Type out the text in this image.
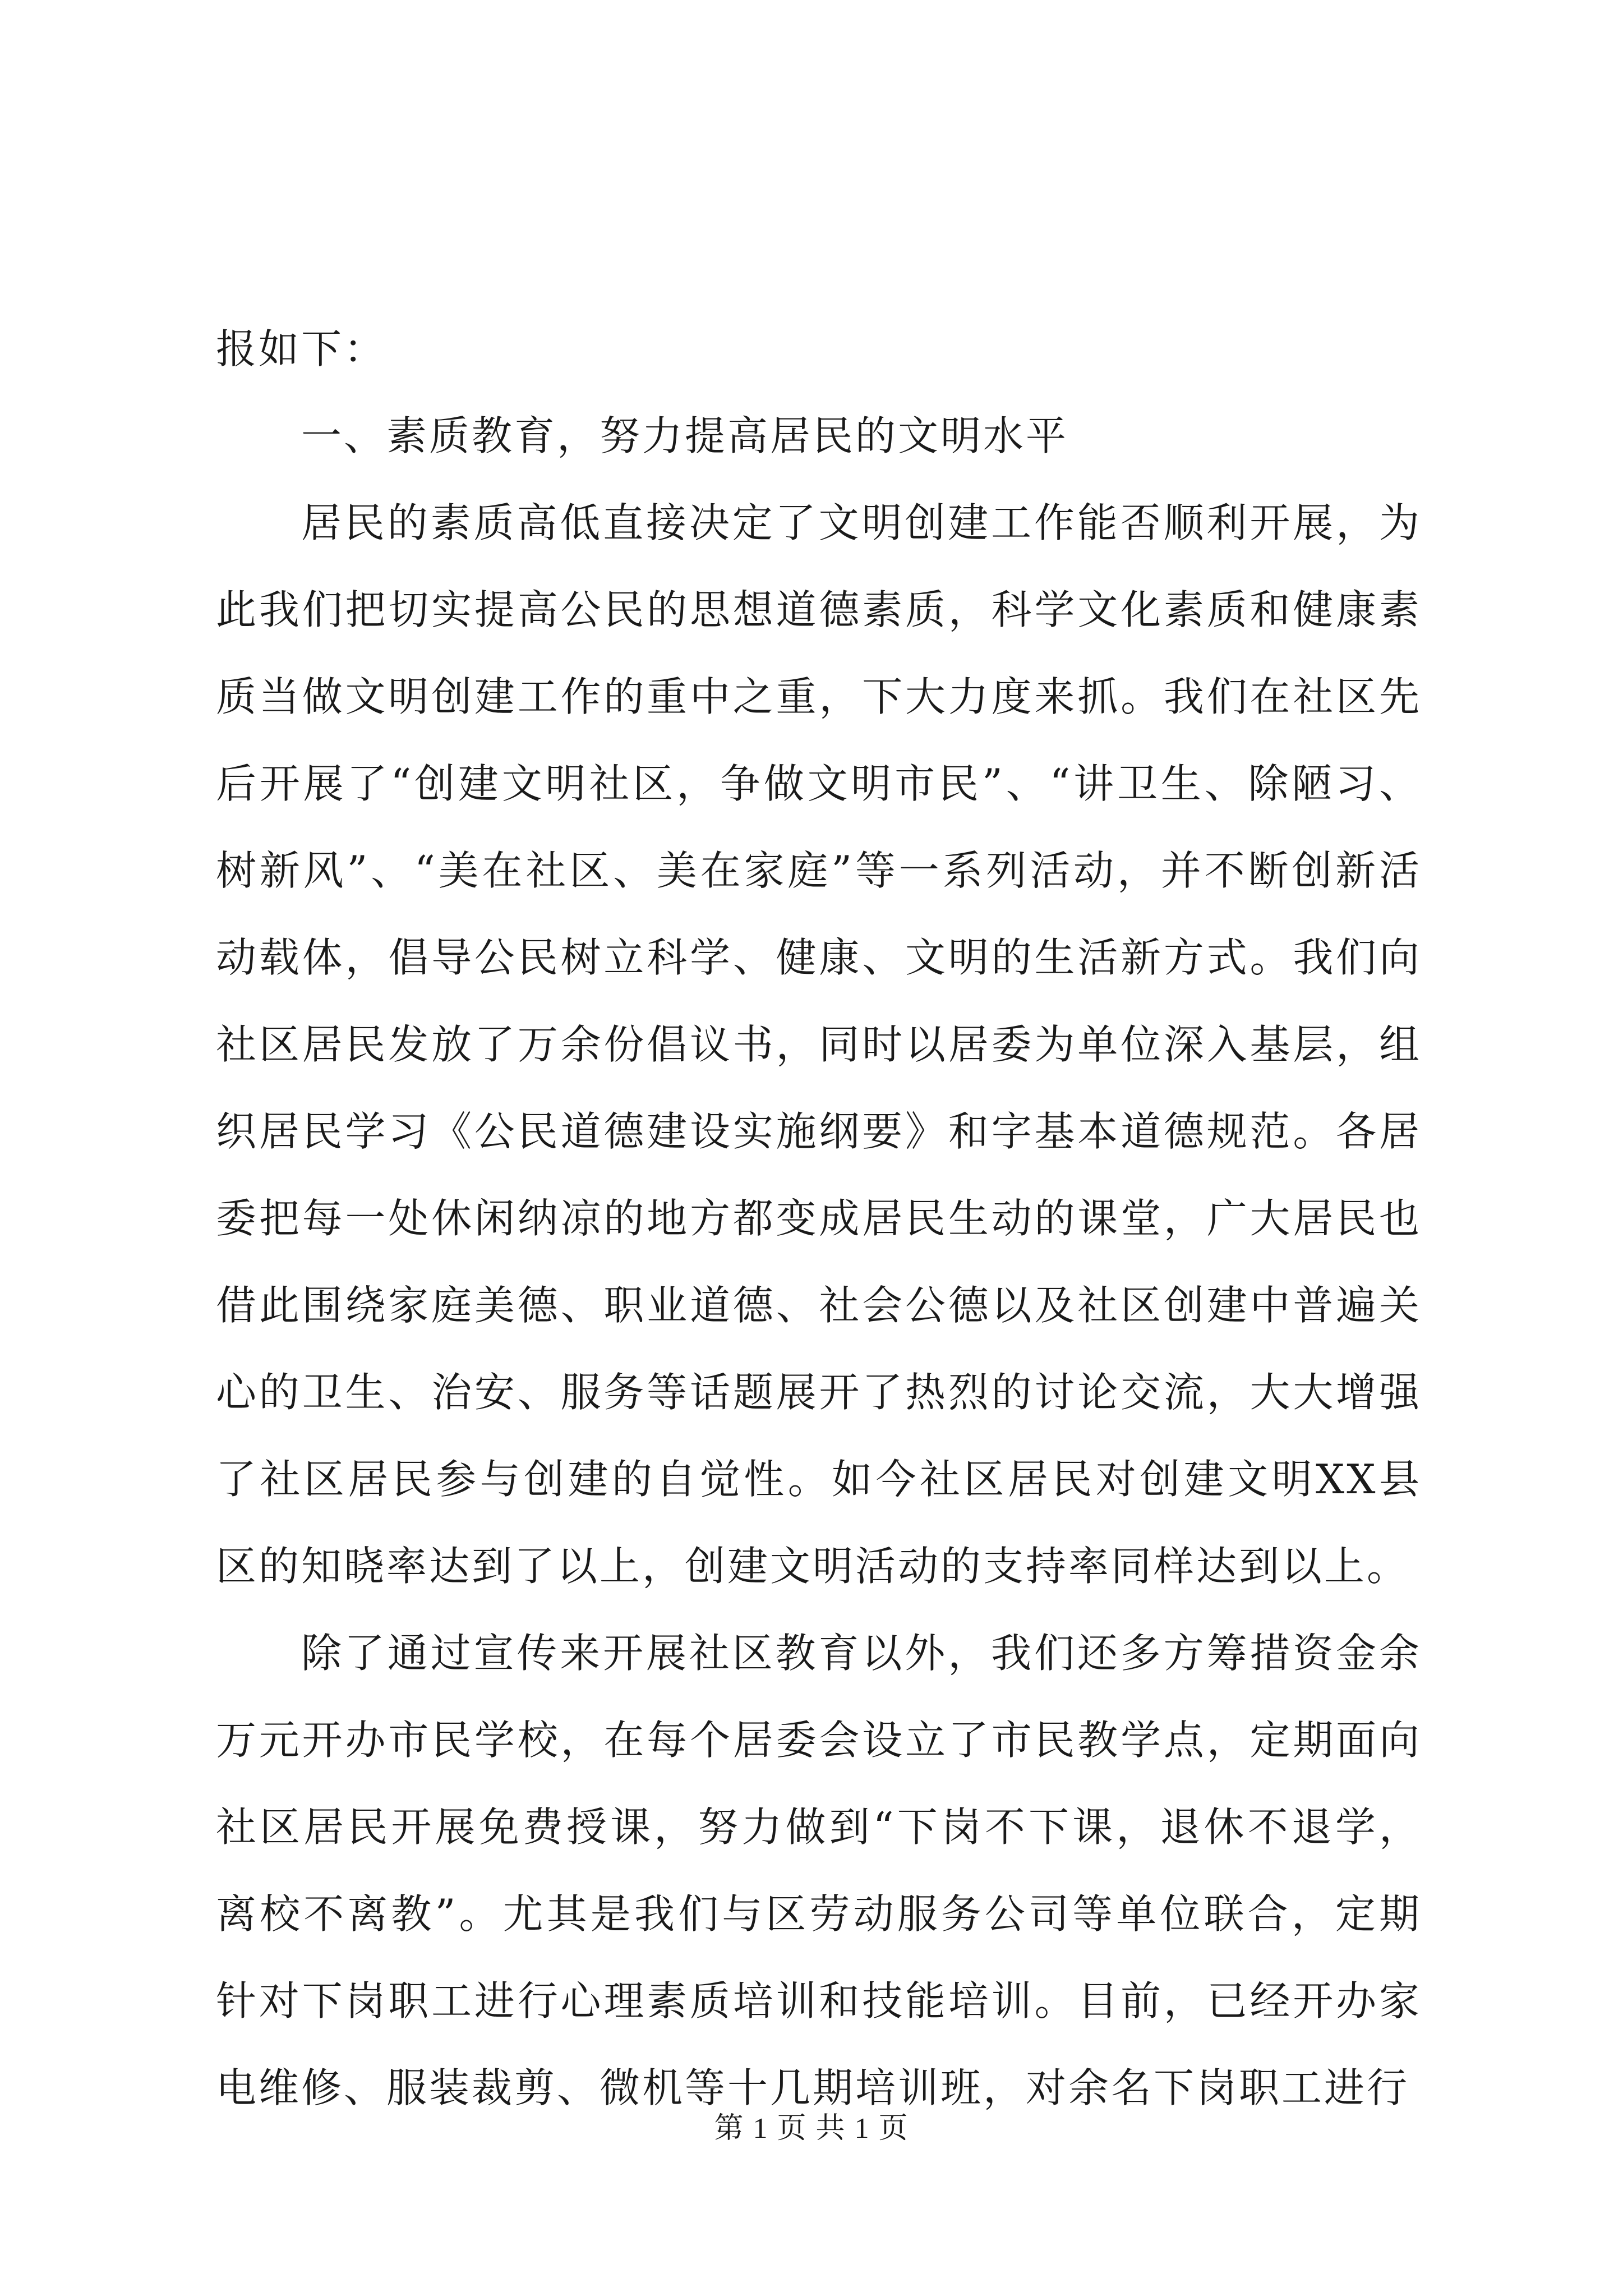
报如下：

一、素质教育，努力提高居民的文明水平

居民的素质高低直接决定了文明创建工作能否顺利开展，为此我们把切实提高公民的思想道德素质，科学文化素质和健康素质当做文明创建工作的重中之重，下大力度来抓。我们在社区先后开展了“创建文明社区，争做文明市民”、“讲卫生、除陋习、树新风”、“美在社区、美在家庭”等一系列活动，并不断创新活动载体，倡导公民树立科学、健康、文明的生活新方式。我们向社区居民发放了万余份倡议书，同时以居委为单位深入基层，组织居民学习《公民道德建设实施纲要》和字基本道德规范。各居委把每一处休闲纳凉的地方都变成居民生动的课堂，广大居民也借此围绕家庭美德、职业道德、社会公德以及社区创建中普遍关心的卫生、治安、服务等话题展开了热烈的讨论交流，大大增强了社区居民参与创建的自觉性。如今社区居民对创建文明XX县区的知晓率达到了以上，创建文明活动的支持率同样达到以上。

除了通过宣传来开展社区教育以外，我们还多方筹措资金余万元开办市民学校，在每个居委会设立了市民教学点，定期面向社区居民开展免费授课，努力做到“下岗不下课，退休不退学，离校不离教”。尤其是我们与区劳动服务公司等单位联合，定期针对下岗职工进行心理素质培训和技能培训。目前，已经开办家电维修、服装裁剪、微机等十几期培训班，对余名下岗职工进行

第 1 页 共 1 页
